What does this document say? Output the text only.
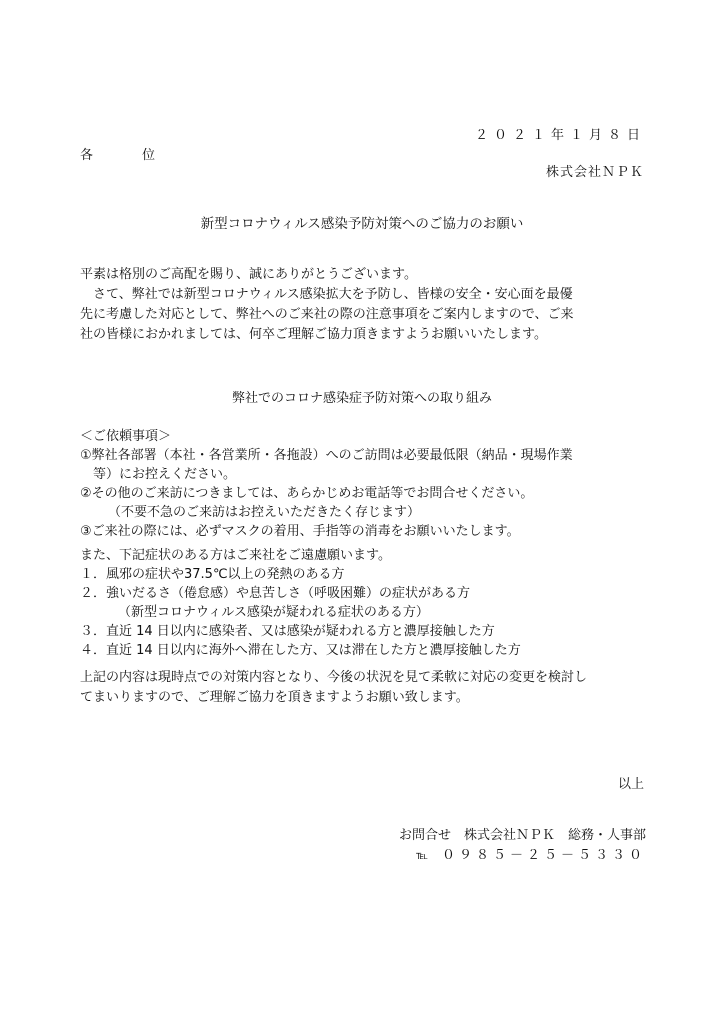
２０２１年１月８日
各　位
株式会社ＮＰＫ
新型コロナウィルス感染予防対策へのご協力のお願い
平素は格別のご高配を賜り、誠にありがとうございます。
さて、弊社では新型コロナウィルス感染拡大を予防し、皆様の安全・安心面を最優
先に考慮した対応として、弊社へのご来社の際の注意事項をご案内しますので、ご来
社の皆様におかれましては、何卒ご理解ご協力頂きますようお願いいたします。
弊社でのコロナ感染症予防対策への取り組み
＜ご依頼事項＞
①弊社各部署（本社・各営業所・各拖設）へのご訪問は必要最低限（納品・現場作業
等）にお控えください。
②その他のご来訪につきましては、あらかじめお電話等でお問合せください。
（不要不急のご来訪はお控えいただきたく存じます）
③ご来社の際には、必ずマスクの着用、手指等の消毒をお願いいたします。
また、下記症状のある方はご来社をご遠慮願います。
１．風邪の症状や37.5℃以上の発熱のある方
２．強いだるさ（倦怠感）や息苦しさ（呼吸困難）の症状がある方
（新型コロナウィルス感染が疑われる症状のある方）
３．直近 14 日以内に感染者、又は感染が疑われる方と濃厚接触した方
４．直近 14 日以内に海外へ滞在した方、又は滞在した方と濃厚接触した方
上記の内容は現時点での対策内容となり、今後の状況を見て柔軟に対応の変更を検討し
てまいりますので、ご理解ご協力を頂きますようお願い致します。
以上
お問合せ　株式会社ＮＰＫ　総務・人事部
℡ ０９８５－２５－５３３０
